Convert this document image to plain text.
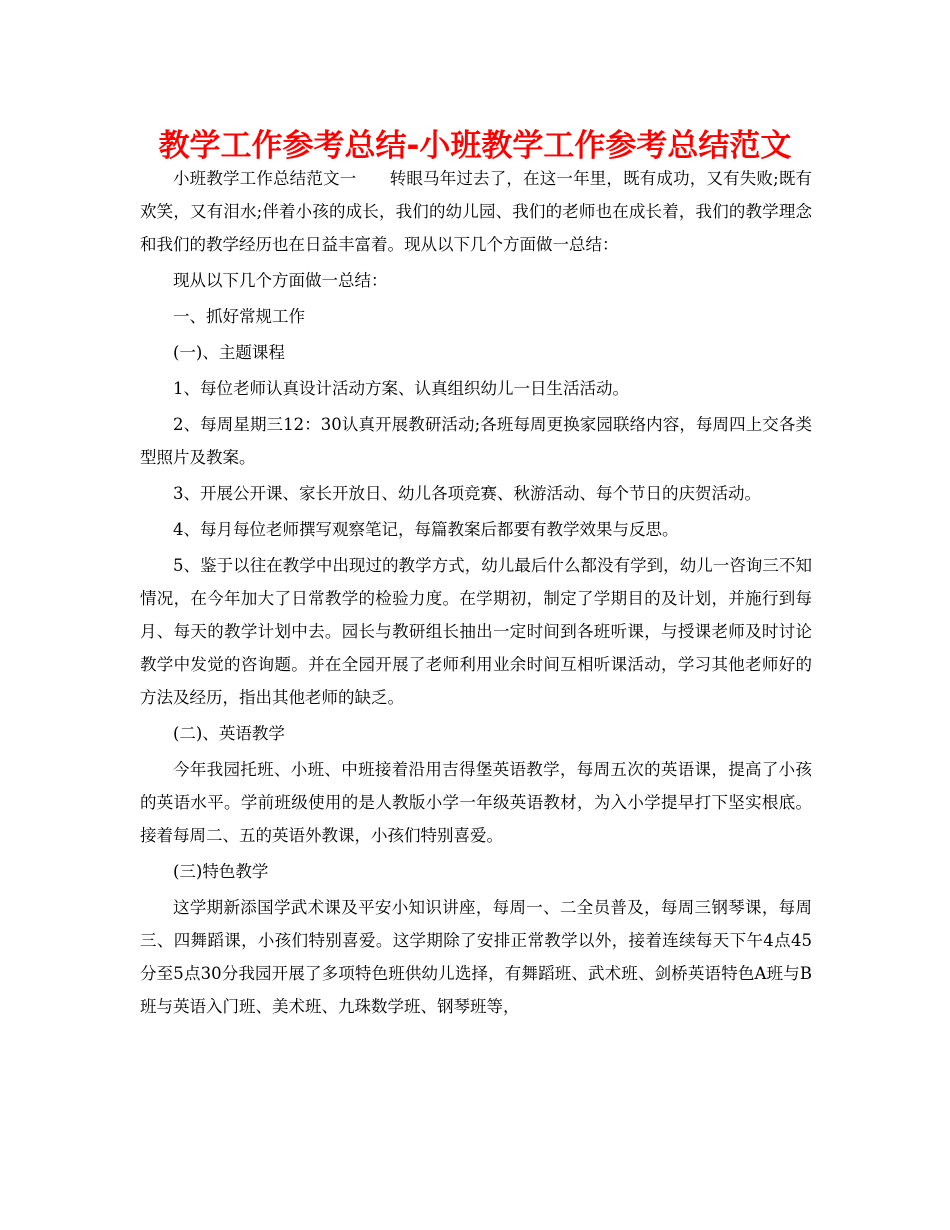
教学工作参考总结-小班教学工作参考总结范文

小班教学工作总结范文一　　转眼马年过去了，在这一年里，既有成功，又有失败;既有欢笑，又有泪水;伴着小孩的成长，我们的幼儿园、我们的老师也在成长着，我们的教学理念和我们的教学经历也在日益丰富着。现从以下几个方面做一总结：

现从以下几个方面做一总结：

一、抓好常规工作

(一)、主题课程

1、每位老师认真设计活动方案、认真组织幼儿一日生活活动。

2、每周星期三12：30认真开展教研活动;各班每周更换家园联络内容，每周四上交各类型照片及教案。

3、开展公开课、家长开放日、幼儿各项竞赛、秋游活动、每个节日的庆贺活动。

4、每月每位老师撰写观察笔记，每篇教案后都要有教学效果与反思。

5、鉴于以往在教学中出现过的教学方式，幼儿最后什么都没有学到，幼儿一咨询三不知情况，在今年加大了日常教学的检验力度。在学期初，制定了学期目的及计划，并施行到每月、每天的教学计划中去。园长与教研组长抽出一定时间到各班听课，与授课老师及时讨论教学中发觉的咨询题。并在全园开展了老师利用业余时间互相听课活动，学习其他老师好的方法及经历，指出其他老师的缺乏。

(二)、英语教学

今年我园托班、小班、中班接着沿用吉得堡英语教学，每周五次的英语课，提高了小孩的英语水平。学前班级使用的是人教版小学一年级英语教材，为入小学提早打下坚实根底。接着每周二、五的英语外教课，小孩们特别喜爱。

(三)特色教学

这学期新添国学武术课及平安小知识讲座，每周一、二全员普及，每周三钢琴课，每周三、四舞蹈课，小孩们特别喜爱。这学期除了安排正常教学以外，接着连续每天下午4点45分至5点30分我园开展了多项特色班供幼儿选择，有舞蹈班、武术班、剑桥英语特色A班与B班与英语入门班、美术班、九珠数学班、钢琴班等，
